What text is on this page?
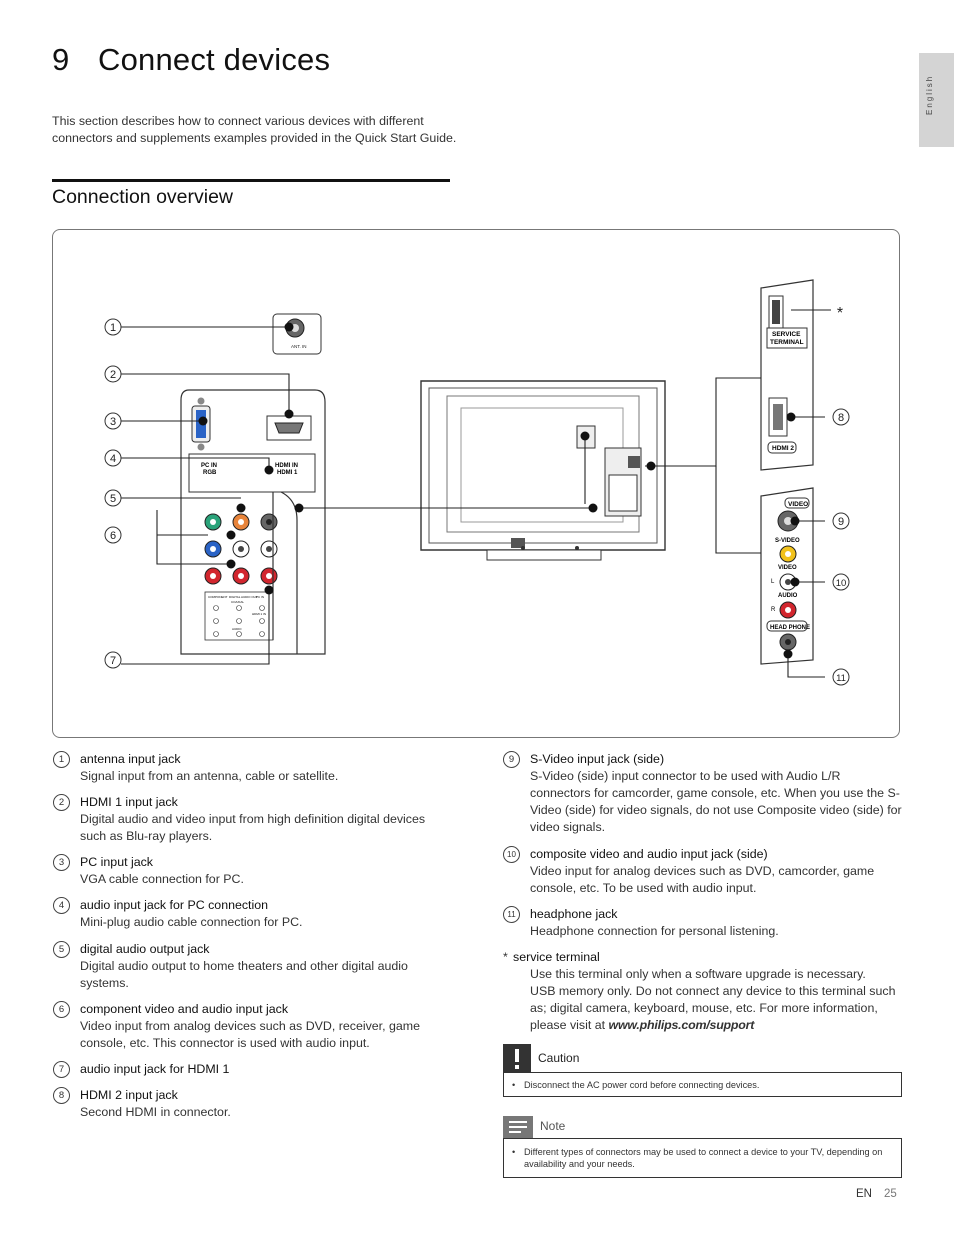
9 Connect devices
English
This section describes how to connect various devices with different connectors and supplements examples provided in the Quick Start Guide.
Connection overview
ANT. IN
PC IN
RGB
HDMI IN
HDMI 1
COMPONENT DIGITAL AUDIO OUT
COAXIAL
PC IN
AUDIO
HDMI 1 IN
SERVICE
TERMINAL
HDMI 2
VIDEO
S-VIDEO
VIDEO
L
AUDIO
R
HEAD PHONE
1
2
3
4
5
6
7
8
9
10
11
*
1	antenna input jack
Signal input from an antenna, cable or satellite.
2	HDMI 1 input jack
Digital audio and video input from high definition digital devices such as Blu-ray players.
3	PC input jack
VGA cable connection for PC.
4	audio input jack for PC connection
Mini-plug audio cable connection for PC.
5	digital audio output jack
Digital audio output to home theaters and other digital audio systems.
6	component video and audio input jack
Video input from analog devices such as DVD, receiver, game console, etc. This connector is used with audio input.
7	audio input jack for HDMI 1
8	HDMI 2 input jack
Second HDMI in connector.
9	S-Video input jack (side)
S-Video (side) input connector to be used with Audio L/R connectors for camcorder, game console, etc. When you use the S-Video (side) for video signals, do not use Composite video (side) for video signals.
10	composite video and audio input jack (side)
Video input for analog devices such as DVD, camcorder, game console, etc. To be used with audio input.
11	headphone jack
Headphone connection for personal listening.
* service terminal
Use this terminal only when a software upgrade is necessary.
USB memory only. Do not connect any device to this terminal such as; digital camera, keyboard, mouse, etc. For more information, please visit at www.philips.com/support
Caution
• Disconnect the AC power cord before connecting devices.
Note
• Different types of connectors may be used to connect a device to your TV, depending on availability and your needs.
EN 25
